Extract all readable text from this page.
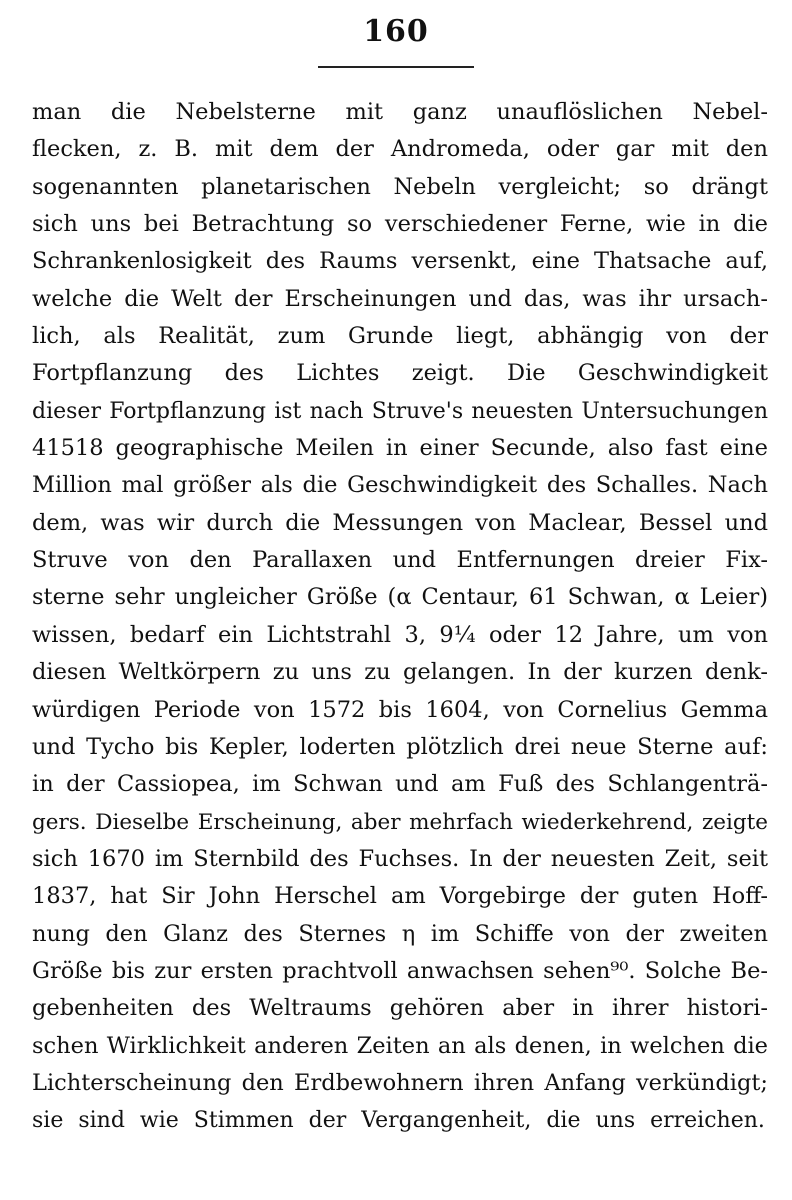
160
man die Nebelsterne mit ganz unauflöslichen Nebel-
flecken, z. B. mit dem der Andromeda, oder gar mit den
sogenannten planetarischen Nebeln vergleicht; so drängt
sich uns bei Betrachtung so verschiedener Ferne, wie in die
Schrankenlosigkeit des Raums versenkt, eine Thatsache auf,
welche die Welt der Erscheinungen und das, was ihr ursach-
lich, als Realität, zum Grunde liegt, abhängig von der
Fortpflanzung des Lichtes zeigt. Die Geschwindigkeit
dieser Fortpflanzung ist nach Struve's neuesten Untersuchungen
41518 geographische Meilen in einer Secunde, also fast eine
Million mal größer als die Geschwindigkeit des Schalles. Nach
dem, was wir durch die Messungen von Maclear, Bessel und
Struve von den Parallaxen und Entfernungen dreier Fix-
sterne sehr ungleicher Größe (α Centaur, 61 Schwan, α Leier)
wissen, bedarf ein Lichtstrahl 3, 9¼ oder 12 Jahre, um von
diesen Weltkörpern zu uns zu gelangen. In der kurzen denk-
würdigen Periode von 1572 bis 1604, von Cornelius Gemma
und Tycho bis Kepler, loderten plötzlich drei neue Sterne auf:
in der Cassiopea, im Schwan und am Fuß des Schlangenträ-
gers. Dieselbe Erscheinung, aber mehrfach wiederkehrend, zeigte
sich 1670 im Sternbild des Fuchses. In der neuesten Zeit, seit
1837, hat Sir John Herschel am Vorgebirge der guten Hoff-
nung den Glanz des Sternes η im Schiffe von der zweiten
Größe bis zur ersten prachtvoll anwachsen sehen⁹⁰. Solche Be-
gebenheiten des Weltraums gehören aber in ihrer histori-
schen Wirklichkeit anderen Zeiten an als denen, in welchen die
Lichterscheinung den Erdbewohnern ihren Anfang verkündigt;
sie sind wie Stimmen der Vergangenheit, die uns erreichen.
